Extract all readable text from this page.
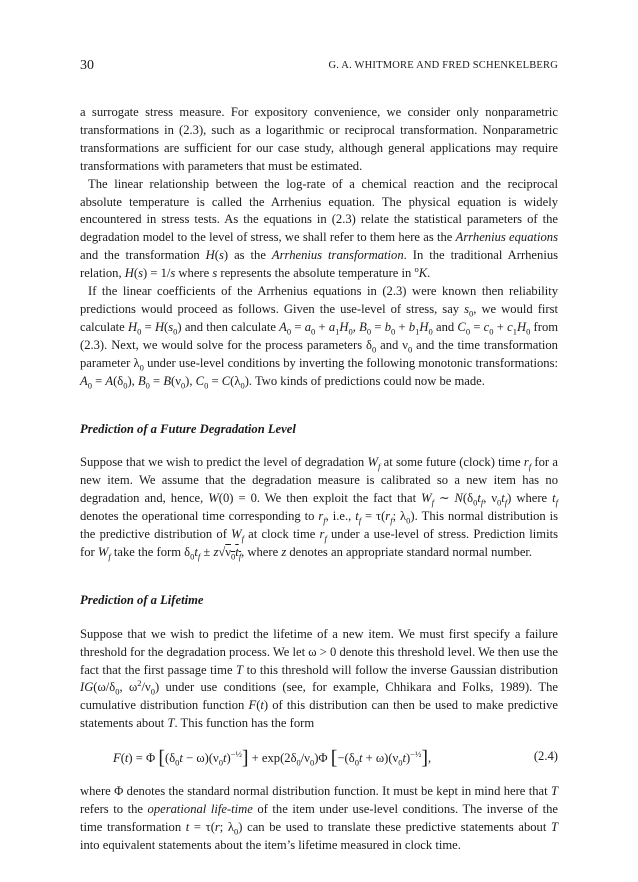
30	G. A. WHITMORE AND FRED SCHENKELBERG

a surrogate stress measure. For expository convenience, we consider only nonparametric transformations in (2.3), such as a logarithmic or reciprocal transformation. Nonparametric transformations are sufficient for our case study, although general applications may require transformations with parameters that must be estimated.

The linear relationship between the log-rate of a chemical reaction and the reciprocal absolute temperature is called the Arrhenius equation. The physical equation is widely encountered in stress tests. As the equations in (2.3) relate the statistical parameters of the degradation model to the level of stress, we shall refer to them here as the Arrhenius equations and the transformation H(s) as the Arrhenius transformation. In the traditional Arrhenius relation, H(s) = 1/s where s represents the absolute temperature in $^o$K.

If the linear coefficients of the Arrhenius equations in (2.3) were known then reliability predictions would proceed as follows. Given the use-level of stress, say $s_0$, we would first calculate $H_0 = H(s_0)$ and then calculate $A_0 = a_0 + a_1H_0$, $B_0 = b_0 + b_1H_0$ and $C_0 = c_0 + c_1H_0$ from (2.3). Next, we would solve for the process parameters $\delta_0$ and $\nu_0$ and the time transformation parameter $\lambda_0$ under use-level conditions by inverting the following monotonic transformations: $A_0 = A(\delta_0)$, $B_0 = B(\nu_0)$, $C_0 = C(\lambda_0)$. Two kinds of predictions could now be made.

Prediction of a Future Degradation Level

Suppose that we wish to predict the level of degradation $W_f$ at some future (clock) time $r_f$ for a new item. We assume that the degradation measure is calibrated so a new item has no degradation and, hence, W(0) = 0. We then exploit the fact that $W_f$ ∼ $N(\delta_0t_f$, $\nu_0t_f$) where $t_f$ denotes the operational time corresponding to $r_f$, i.e., $t_f = \tau(r_f$; $\lambda_0$). This normal distribution is the predictive distribution of $W_f$ at clock time $r_f$ under a use-level of stress. Prediction limits for $W_f$ take the form $\delta_0t_f \pm z√\nu_0t_f$, where z denotes an appropriate standard normal number.

Prediction of a Lifetime

Suppose that we wish to predict the lifetime of a new item. We must first specify a failure threshold for the degradation process. We let ω > 0 denote this threshold level. We then use the fact that the first passage time T to this threshold will follow the inverse Gaussian distribution $IG(\omega/\delta_0$, $\omega^2/\nu_0$) under use conditions (see, for example, Chhikara and Folks, 1989). The cumulative distribution function F(t) of this distribution can then be used to make predictive statements about T. This function has the form

F(t) = Φ $[(\delta_0t - \omega)(\nu_0t)^{-\frac{1}{2}}] + \exp(2\delta_0/\nu_0)\Phi$ $[-(\delta_0t + \omega)(\nu_0t)^{-\frac{1}{2}}]$,	(2.4)

where Φ denotes the standard normal distribution function. It must be kept in mind here that T refers to the operational life-time of the item under use-level conditions. The inverse of the time transformation t = τ(r; $\lambda_0$) can be used to translate these predictive statements about T into equivalent statements about the item’s lifetime measured in clock time.
